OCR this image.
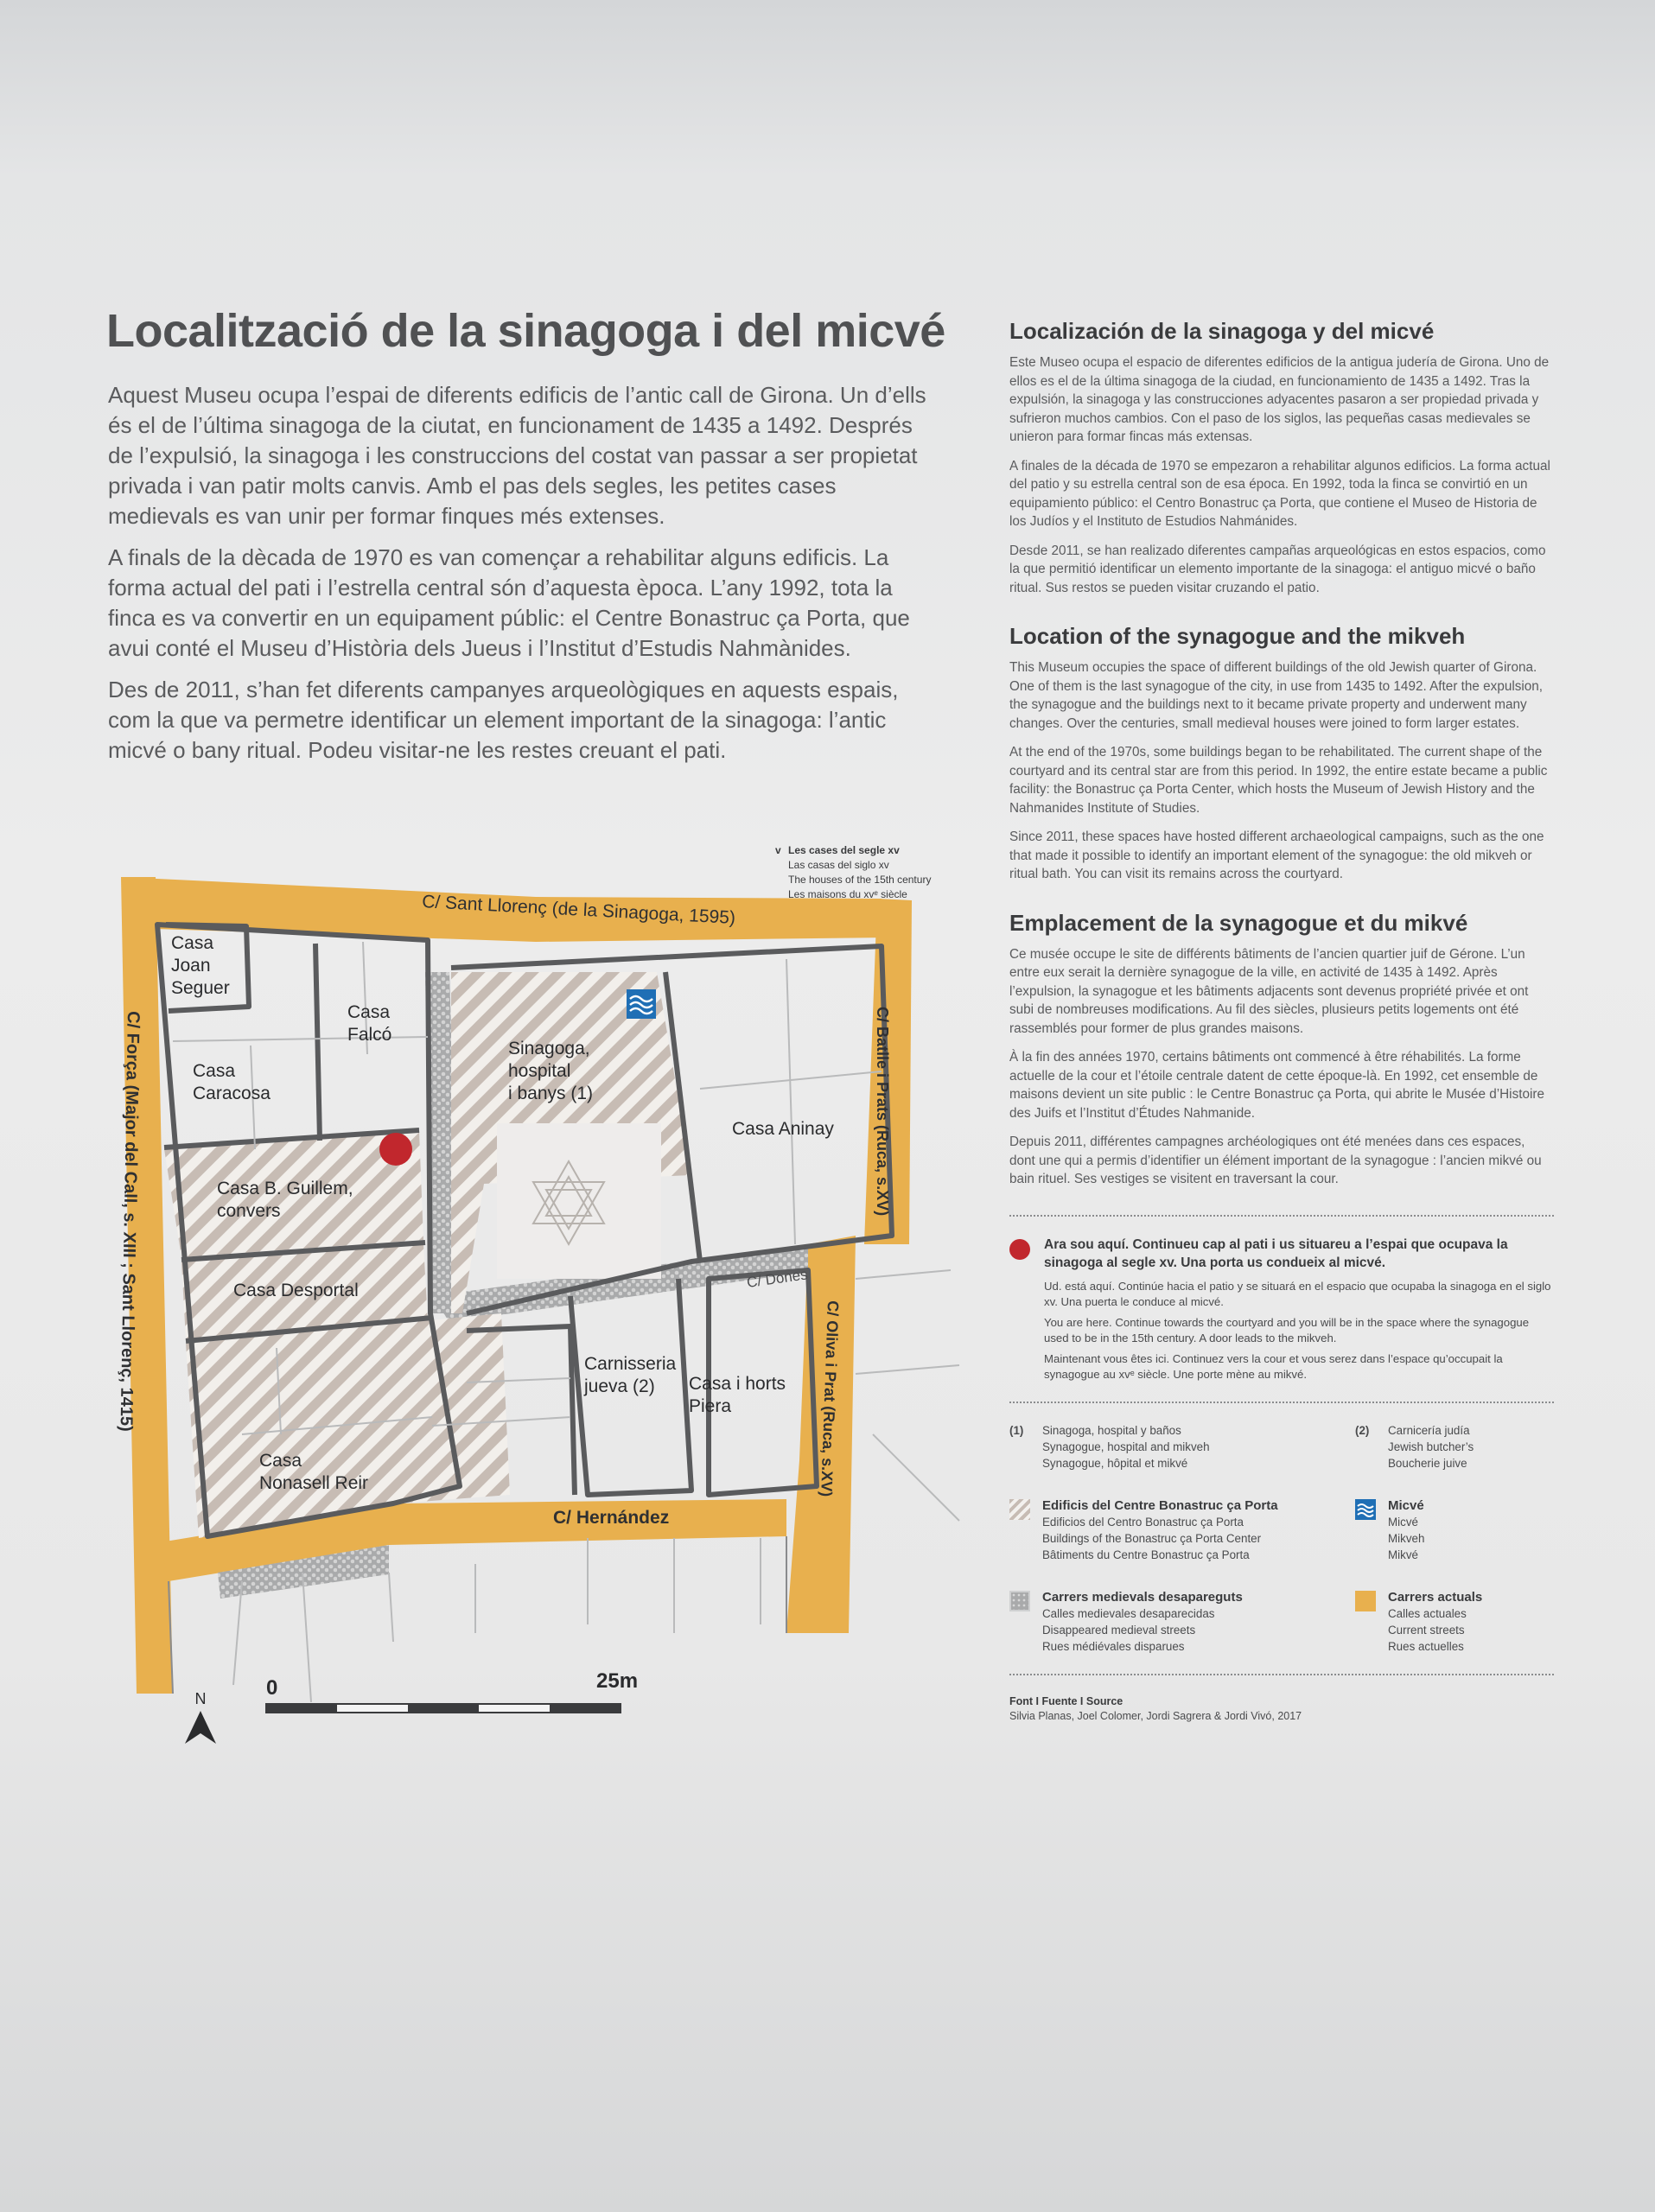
Localització de la sinagoga i del micvé

Aquest Museu ocupa l’espai de diferents edificis de l’antic call de Girona. Un d’ells és el de l’última sinagoga de la ciutat, en funcionament de 1435 a 1492. Després de l’expulsió, la sinagoga i les construccions del costat van passar a ser propietat privada i van patir molts canvis. Amb el pas dels segles, les petites cases medievals es van unir per formar finques més extenses.

A finals de la dècada de 1970 es van començar a rehabilitar alguns edificis. La forma actual del pati i l’estrella central són d’aquesta època. L’any 1992, tota la finca es va convertir en un equipament públic: el Centre Bonastruc ça Porta, que avui conté el Museu d’Història dels Jueus i l’Institut d’Estudis Nahmànides.

Des de 2011, s’han fet diferents campanyes arqueològiques en aquests espais, com la que va permetre identificar un element important de la sinagoga: l’antic micvé o bany ritual. Podeu visitar-ne les restes creuant el pati.

Localización de la sinagoga y del micvé

Este Museo ocupa el espacio de diferentes edificios de la antigua judería de Girona. Uno de ellos es el de la última sinagoga de la ciudad, en funcionamiento de 1435 a 1492. Tras la expulsión, la sinagoga y las construcciones adyacentes pasaron a ser propiedad privada y sufrieron muchos cambios. Con el paso de los siglos, las pequeñas casas medievales se unieron para formar fincas más extensas.

A finales de la década de 1970 se empezaron a rehabilitar algunos edificios. La forma actual del patio y su estrella central son de esa época. En 1992, toda la finca se convirtió en un equipamiento público: el Centro Bonastruc ça Porta, que contiene el Museo de Historia de los Judíos y el Instituto de Estudios Nahmánides.

Desde 2011, se han realizado diferentes campañas arqueológicas en estos espacios, como la que permitió identificar un elemento importante de la sinagoga: el antiguo micvé o baño ritual. Sus restos se pueden visitar cruzando el patio.

Location of the synagogue and the mikveh

This Museum occupies the space of different buildings of the old Jewish quarter of Girona. One of them is the last synagogue of the city, in use from 1435 to 1492. After the expulsion, the synagogue and the buildings next to it became private property and underwent many changes. Over the centuries, small medieval houses were joined to form larger estates.

At the end of the 1970s, some buildings began to be rehabilitated. The current shape of the courtyard and its central star are from this period. In 1992, the entire estate became a public facility: the Bonastruc ça Porta Center, which hosts the Museum of Jewish History and the Nahmanides Institute of Studies.

Since 2011, these spaces have hosted different archaeological campaigns, such as the one that made it possible to identify an important element of the synagogue: the old mikveh or ritual bath. You can visit its remains across the courtyard.

Emplacement de la synagogue et du mikvé

Ce musée occupe le site de différents bâtiments de l’ancien quartier juif de Gérone. L’un entre eux serait la dernière synagogue de la ville, en activité de 1435 à 1492. Après l’expulsion, la synagogue et les bâtiments adjacents sont devenus propriété privée et ont subi de nombreuses modifications. Au fil des siècles, plusieurs petits logements ont été rassemblés pour former de plus grandes maisons.

À la fin des années 1970, certains bâtiments ont commencé à être réhabilités. La forme actuelle de la cour et l’étoile centrale datent de cette époque-là. En 1992, cet ensemble de maisons devient un site public : le Centre Bonastruc ça Porta, qui abrite le Musée d’Histoire des Juifs et l’Institut d’Études Nahmanide.

Depuis 2011, différentes campagnes archéologiques ont été menées dans ces espaces, dont une qui a permis d’identifier un élément important de la synagogue : l’ancien mikvé ou bain rituel. Ses vestiges se visitent en traversant la cour.

Ara sou aquí. Continueu cap al pati i us situareu a l’espai que ocupava la sinagoga al segle xv. Una porta us condueix al micvé.

Ud. está aquí. Continúe hacia el patio y se situará en el espacio que ocupaba la sinagoga en el siglo xv. Una puerta le conduce al micvé.

You are here. Continue towards the courtyard and you will be in the space where the synagogue used to be in the 15th century. A door leads to the mikveh.

Maintenant vous êtes ici. Continuez vers la cour et vous serez dans l’espace qu’occupait la synagogue au xvᵉ siècle. Une porte mène au mikvé.

(1)	Sinagoga, hospital y baños
Synagogue, hospital and mikveh
Synagogue, hôpital et mikvé
(2)	Carnicería judía
Jewish butcher’s
Boucherie juive
Edificis del Centre Bonastruc ça Porta
Edificios del Centro Bonastruc ça Porta
Buildings of the Bonastruc ça Porta Center
Bâtiments du Centre Bonastruc ça Porta
Micvé
Micvé
Mikveh
Mikvé
Carrers medievals desapareguts
Calles medievales desaparecidas
Disappeared medieval streets
Rues médiévales disparues
Carrers actuals
Calles actuales
Current streets
Rues actuelles
Font I Fuente I Source
Silvia Planas, Joel Colomer, Jordi Sagrera & Jordi Vivó, 2017
v Les cases del segle xv
Las casas del siglo xv
The houses of the 15th century
Les maisons du xvᵉ siècle
C/ Sant Llorenç (de la Sinagoga, 1595)
C/ Força (Major del Call, s. XIII ; Sant Llorenç, 1415)	C/ Batlle i Prats (Ruca, s.XV)
C/ Dones
C/ Oliva i Prat (Ruca, s.XV)
C/ Hernández
Casa
Joan
Seguer
Casa
Falcó
Casa
Caracosa
Sinagoga,
hospital
i banys (1)
Casa Aninay
Casa B. Guillem,
convers
Casa Desportal
Carnisseria
jueva (2) Casa i horts
Piera
Casa
Nonasell Reir
N	0	25m
